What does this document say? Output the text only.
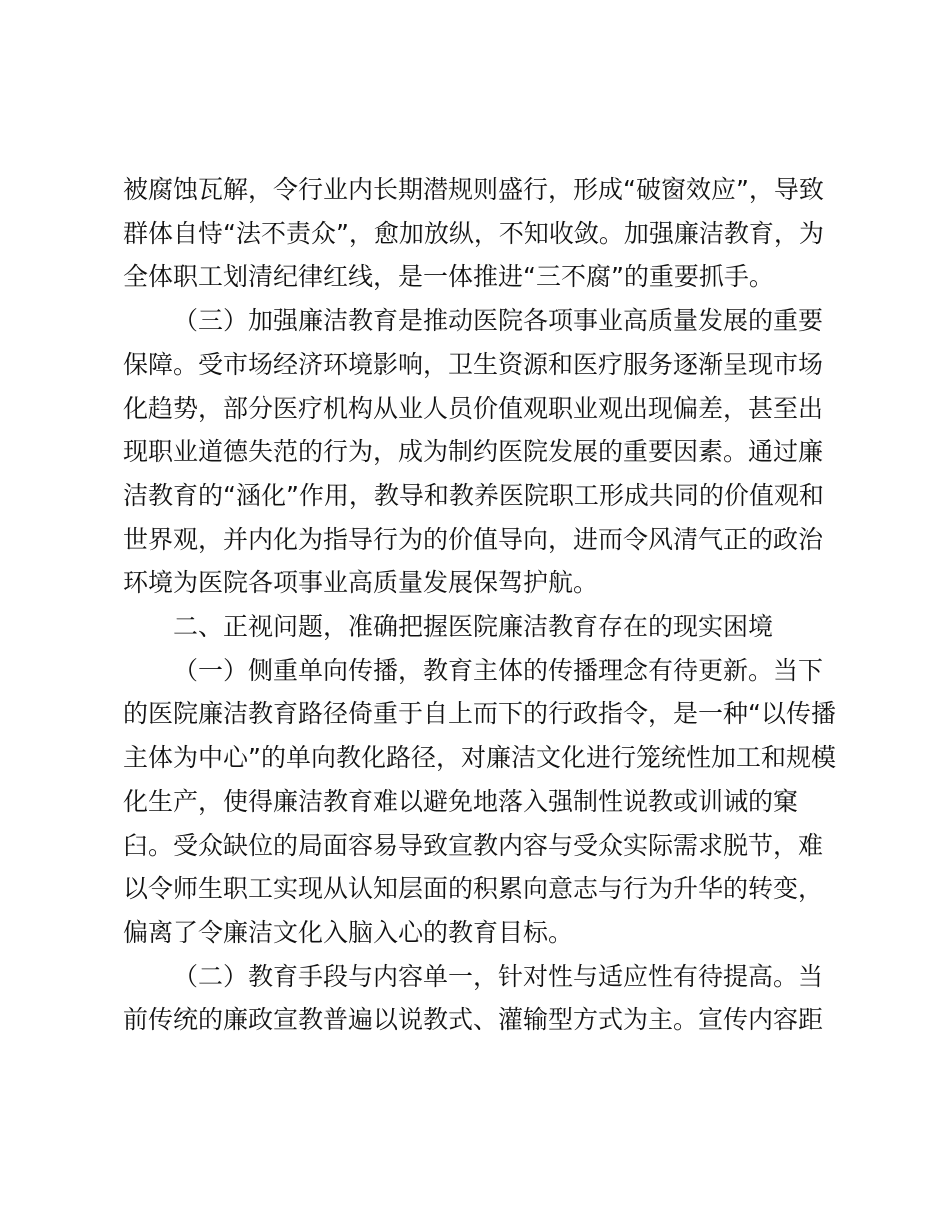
被腐蚀瓦解，令行业内长期潜规则盛行，形成“破窗效应”，导致
群体自恃“法不责众”，愈加放纵，不知收敛。加强廉洁教育，为
全体职工划清纪律红线，是一体推进“三不腐”的重要抓手。

（三）加强廉洁教育是推动医院各项事业高质量发展的重要
保障。受市场经济环境影响，卫生资源和医疗服务逐渐呈现市场
化趋势，部分医疗机构从业人员价值观职业观出现偏差，甚至出
现职业道德失范的行为，成为制约医院发展的重要因素。通过廉
洁教育的“涵化”作用，教导和教养医院职工形成共同的价值观和
世界观，并内化为指导行为的价值导向，进而令风清气正的政治
环境为医院各项事业高质量发展保驾护航。

二、正视问题，准确把握医院廉洁教育存在的现实困境

（一）侧重单向传播，教育主体的传播理念有待更新。当下
的医院廉洁教育路径倚重于自上而下的行政指令，是一种“以传播
主体为中心”的单向教化路径，对廉洁文化进行笼统性加工和规模
化生产，使得廉洁教育难以避免地落入强制性说教或训诫的窠
臼。受众缺位的局面容易导致宣教内容与受众实际需求脱节，难
以令师生职工实现从认知层面的积累向意志与行为升华的转变，
偏离了令廉洁文化入脑入心的教育目标。

（二）教育手段与内容单一，针对性与适应性有待提高。当
前传统的廉政宣教普遍以说教式、灌输型方式为主。宣传内容距
